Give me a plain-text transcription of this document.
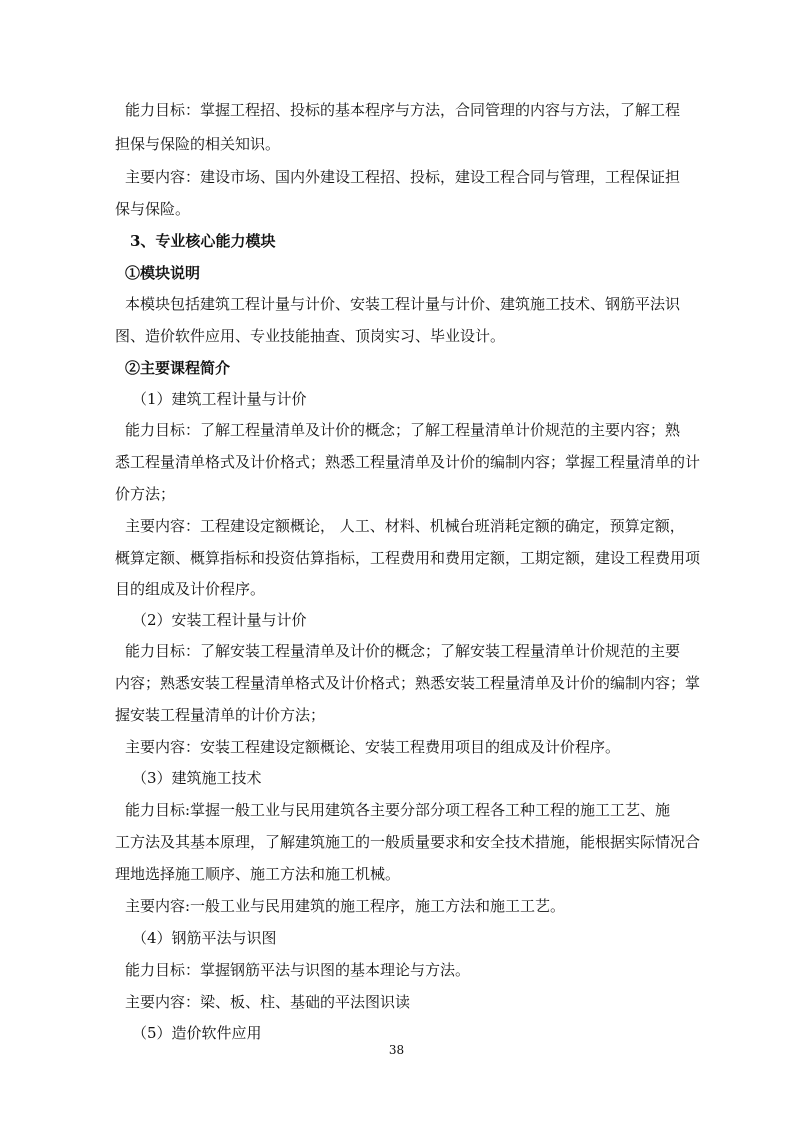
能力目标：掌握工程招、投标的基本程序与方法，合同管理的内容与方法，了解工程
担保与保险的相关知识。
主要内容：建设市场、国内外建设工程招、投标，建设工程合同与管理，工程保证担
保与保险。
3、专业核心能力模块
①模块说明
本模块包括建筑工程计量与计价、安装工程计量与计价、建筑施工技术、钢筋平法识
图、造价软件应用、专业技能抽查、顶岗实习、毕业设计。
②主要课程简介
（1）建筑工程计量与计价
能力目标：了解工程量清单及计价的概念；了解工程量清单计价规范的主要内容；熟
悉工程量清单格式及计价格式；熟悉工程量清单及计价的编制内容；掌握工程量清单的计
价方法；
主要内容：工程建设定额概论， 人工、材料、机械台班消耗定额的确定，预算定额，
概算定额、概算指标和投资估算指标，工程费用和费用定额，工期定额，建设工程费用项
目的组成及计价程序。
（2）安装工程计量与计价
能力目标：了解安装工程量清单及计价的概念；了解安装工程量清单计价规范的主要
内容；熟悉安装工程量清单格式及计价格式；熟悉安装工程量清单及计价的编制内容；掌
握安装工程量清单的计价方法；
主要内容：安装工程建设定额概论、安装工程费用项目的组成及计价程序。
（3）建筑施工技术
能力目标:掌握一般工业与民用建筑各主要分部分项工程各工种工程的施工工艺、施
工方法及其基本原理，了解建筑施工的一般质量要求和安全技术措施，能根据实际情况合
理地选择施工顺序、施工方法和施工机械。
主要内容:一般工业与民用建筑的施工程序，施工方法和施工工艺。
（4）钢筋平法与识图
能力目标：掌握钢筋平法与识图的基本理论与方法。
主要内容：梁、板、柱、基础的平法图识读
（5）造价软件应用
38
